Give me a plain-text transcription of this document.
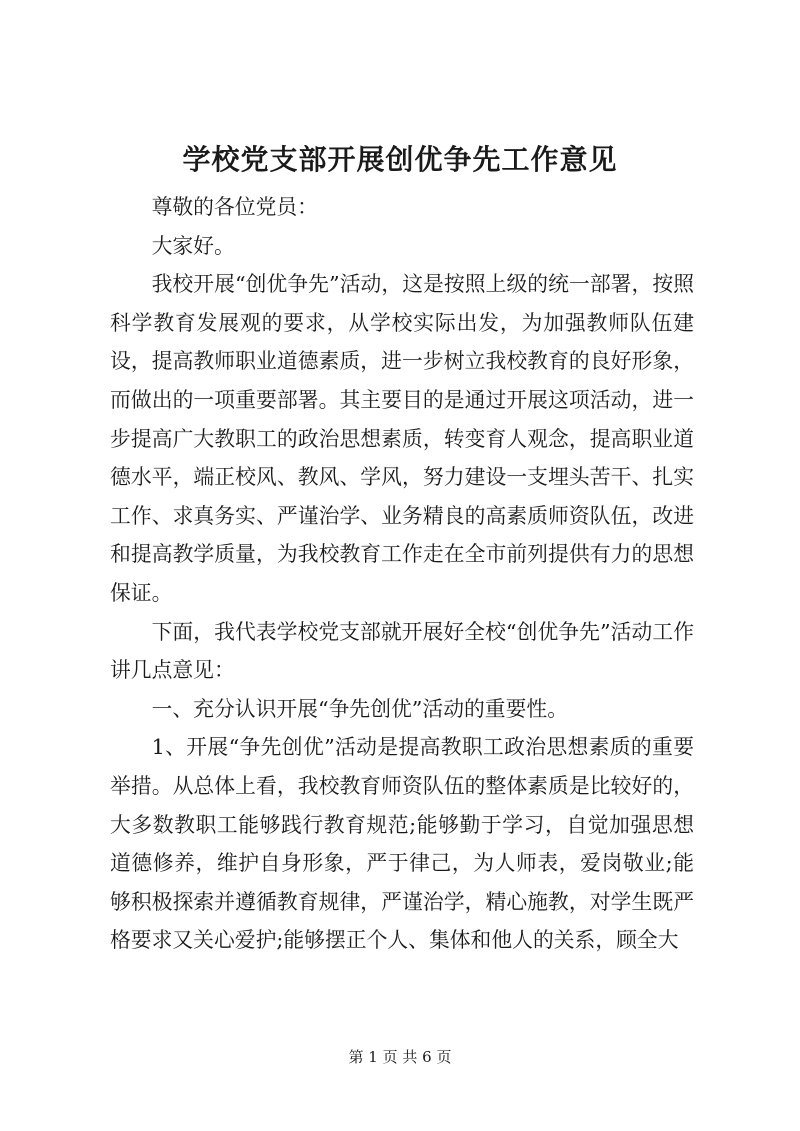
学校党支部开展创优争先工作意见

尊敬的各位党员：

大家好。

我校开展“创优争先”活动，这是按照上级的统一部署，按照科学教育发展观的要求，从学校实际出发，为加强教师队伍建设，提高教师职业道德素质，进一步树立我校教育的良好形象，而做出的一项重要部署。其主要目的是通过开展这项活动，进一步提高广大教职工的政治思想素质，转变育人观念，提高职业道德水平，端正校风、教风、学风，努力建设一支埋头苦干、扎实工作、求真务实、严谨治学、业务精良的高素质师资队伍，改进和提高教学质量，为我校教育工作走在全市前列提供有力的思想保证。

下面，我代表学校党支部就开展好全校“创优争先”活动工作讲几点意见：

一、充分认识开展“争先创优”活动的重要性。

1、开展“争先创优”活动是提高教职工政治思想素质的重要举措。从总体上看，我校教育师资队伍的整体素质是比较好的，大多数教职工能够践行教育规范;能够勤于学习，自觉加强思想道德修养，维护自身形象，严于律己，为人师表，爱岗敬业;能够积极探索并遵循教育规律，严谨治学，精心施教，对学生既严格要求又关心爱护;能够摆正个人、集体和他人的关系，顾全大

第 1 页 共 6 页
